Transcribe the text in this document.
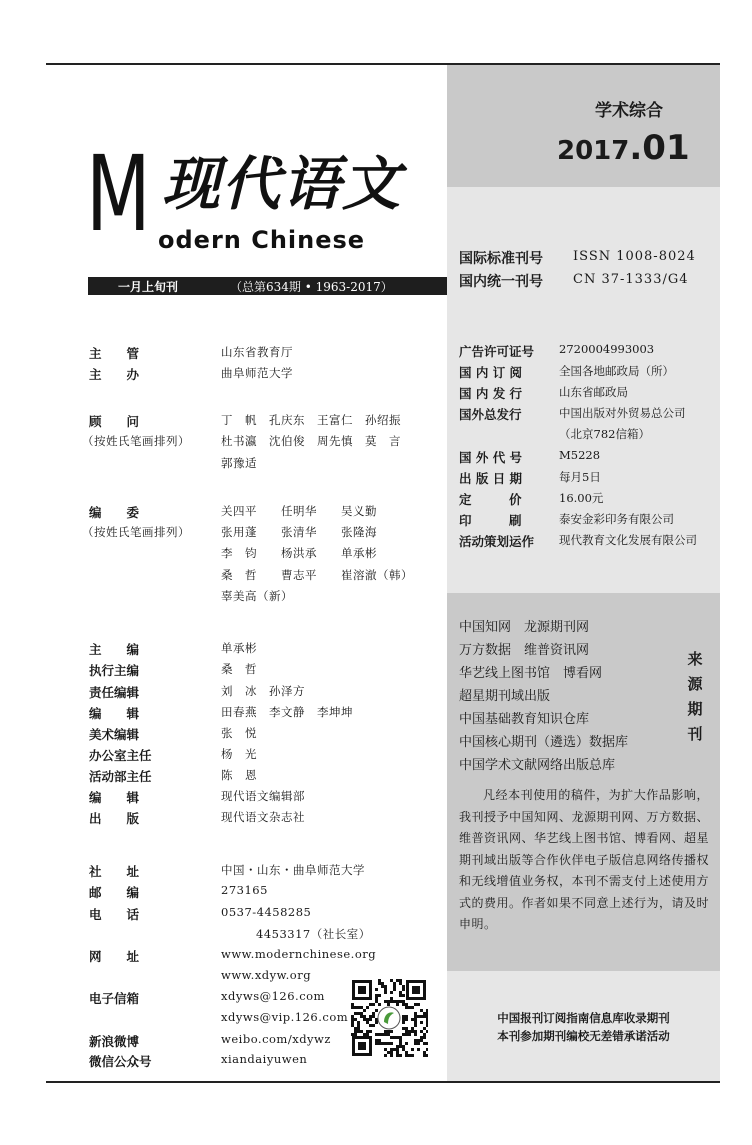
学术综合
2017.01
M 现代语文
odern Chinese
一月上旬刊	（总第634期 • 1963-2017）
国际标准刊号 ISSN 1008-8024
国内统一刊号 CN 37-1333/G4
主　　管	山东省教育厅
主　　办	曲阜师范大学
顾　　问
（按姓氏笔画排列）
丁　帆　孔庆东　王富仁　孙绍振
杜书瀛　沈伯俊　周先慎　莫　言
郭豫适
编　　委
（按姓氏笔画排列）
关四平　　任明华　　吴义勤
张用蓬　　张清华　　张隆海
李　钧　　杨洪承　　单承彬
桑　哲　　曹志平　　崔溶澈（韩）
辜美高（新）
主　　编	单承彬
执行主编	桑　哲
责任编辑	刘　冰　孙泽方
编　　辑	田春燕　李文静　李坤坤
美术编辑	张　悦
办公室主任	杨　光
活动部主任	陈　恩
编　　辑	现代语文编辑部
出　　版	现代语文杂志社
社　　址	中国・山东・曲阜师范大学
邮　　编	273165
电　　话	0537-4458285
4453317（社长室）
网　　址	www.modernchinese.org
www.xdyw.org
电子信箱	xdyws@126.com
xdyws@vip.126.com
新浪微博	weibo.com/xdywz
微信公众号	xiandaiyuwen
广告许可证号 2720004993003
国 内 订 阅	全国各地邮政局（所）
国 内 发 行	山东省邮政局
国外总发行	中国出版对外贸易总公司
（北京782信箱）
国 外 代 号	M5228
出 版 日 期	每月5日
定　　　价	16.00元
印　　　刷	泰安金彩印务有限公司
活动策划运作 现代教育文化发展有限公司
中国知网　龙源期刊网
万方数据　维普资讯网
华艺线上图书馆　博看网
超星期刊域出版
中国基础教育知识仓库
中国核心期刊（遴选）数据库
中国学术文献网络出版总库
来
源
期
刊
凡经本刊使用的稿件，为扩大作品影响，我刊授予中国知网、龙源期刊网、万方数据、维普资讯网、华艺线上图书馆、博看网、超星期刊域出版等合作伙伴电子版信息网络传播权和无线增值业务权，本刊不需支付上述使用方式的费用。作者如果不同意上述行为，请及时申明。
中国报刊订阅指南信息库收录期刊
本刊参加期刊编校无差错承诺活动
